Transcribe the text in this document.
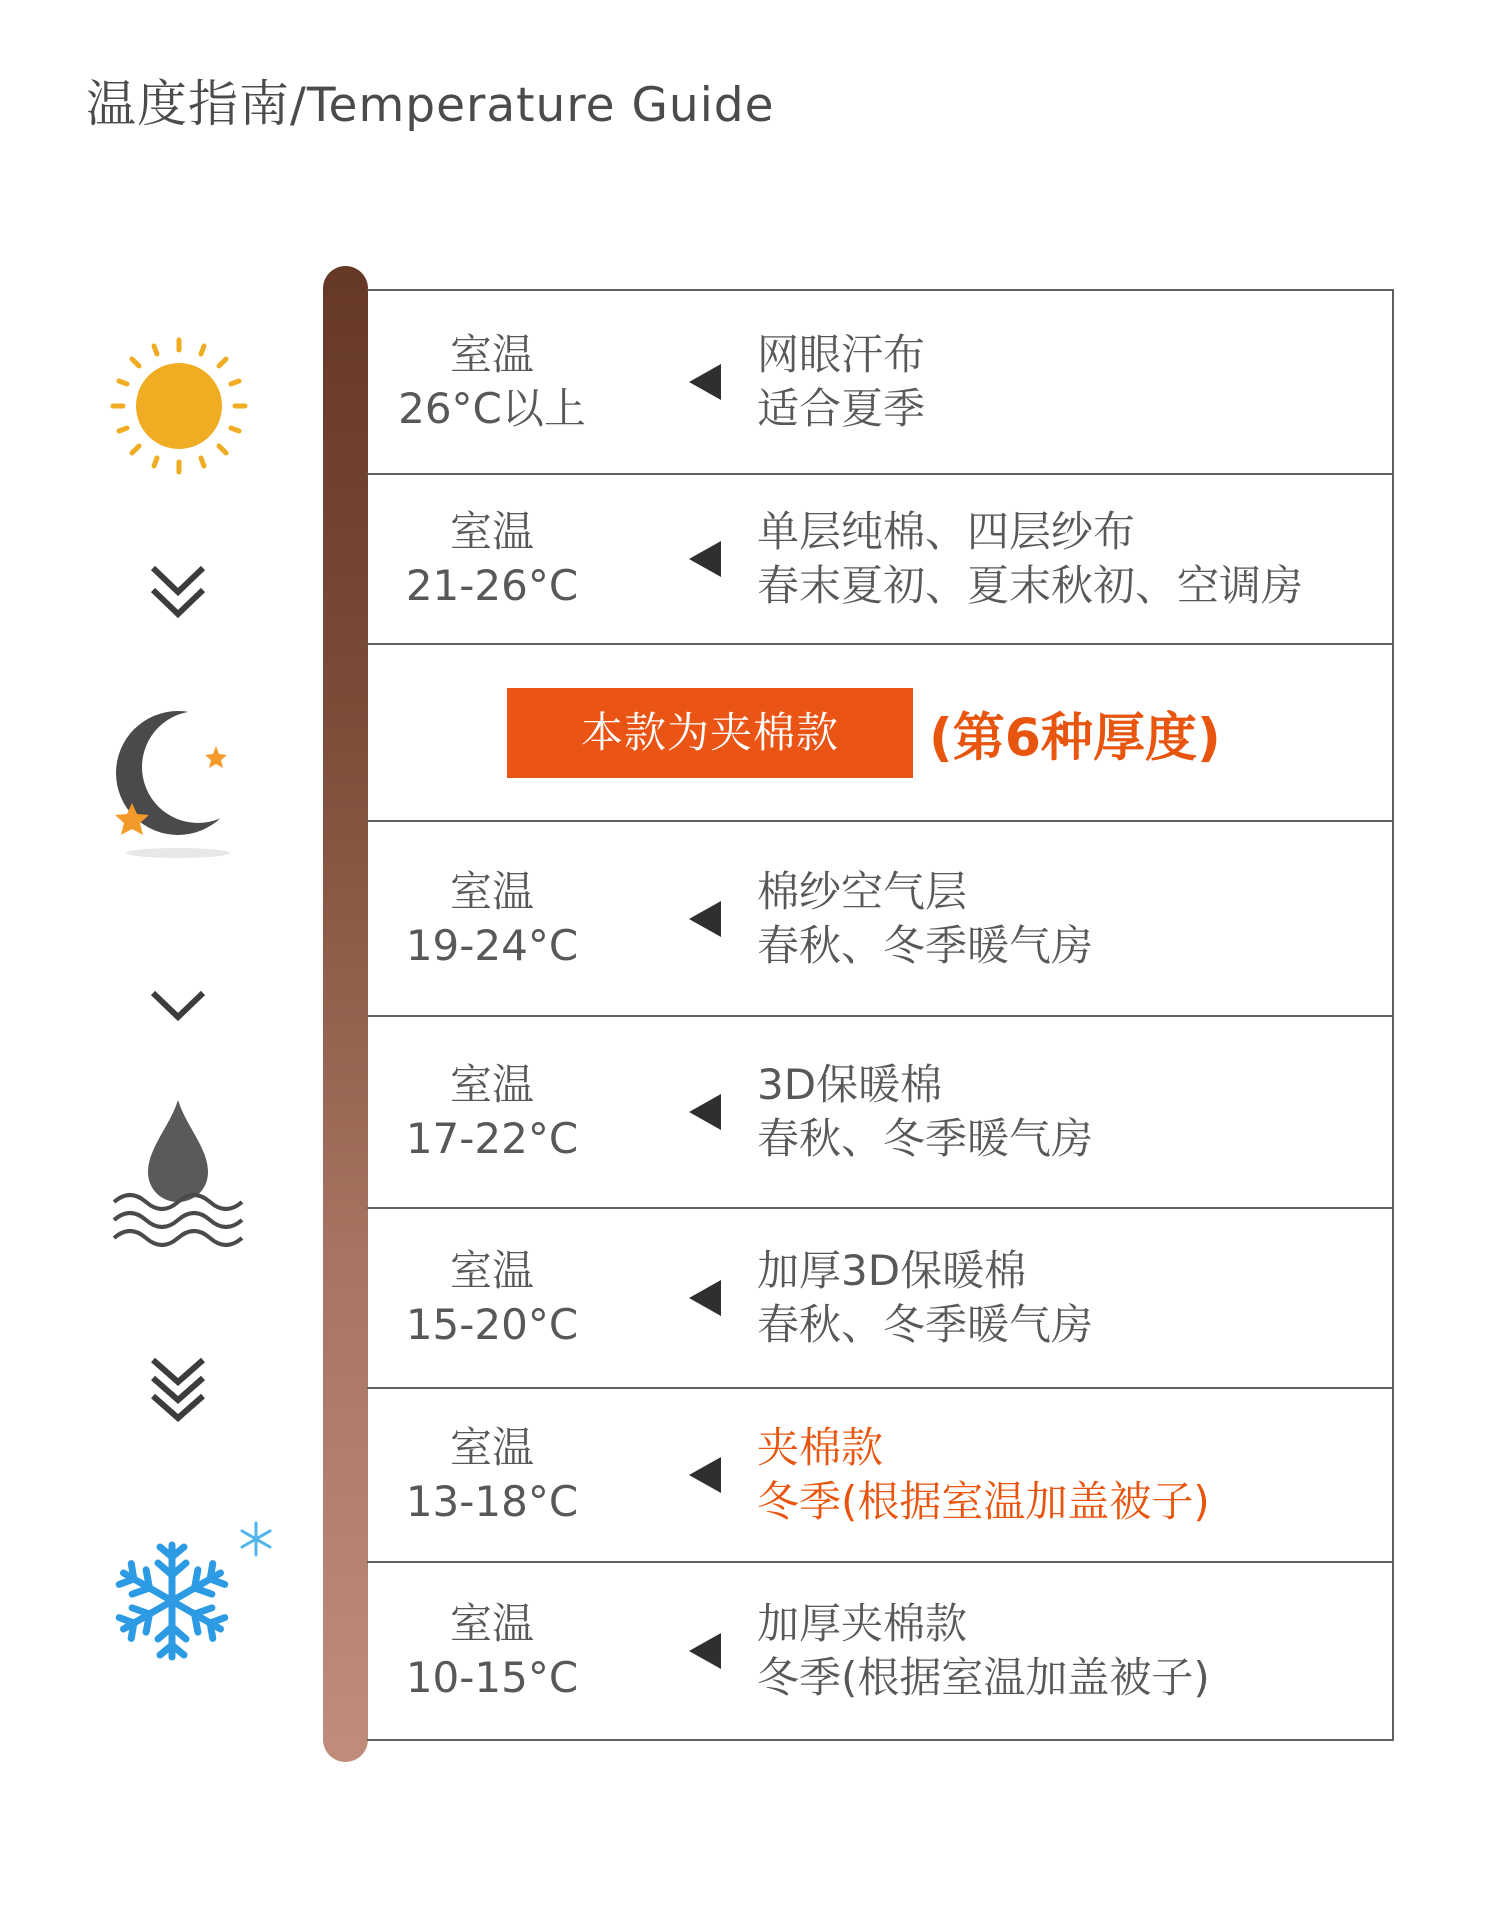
温度指南/Temperature Guide
室温
26°C以上
网眼汗布
适合夏季
室温
21-26°C
单层纯棉、四层纱布
春末夏初、夏末秋初、空调房
本款为夹棉款	(第6种厚度)
室温
19-24°C
棉纱空气层
春秋、冬季暖气房
室温
17-22°C
3D保暖棉
春秋、冬季暖气房
室温
15-20°C
加厚3D保暖棉
春秋、冬季暖气房
室温
13-18°C
夹棉款
冬季(根据室温加盖被子)
室温
10-15°C
加厚夹棉款
冬季(根据室温加盖被子)
